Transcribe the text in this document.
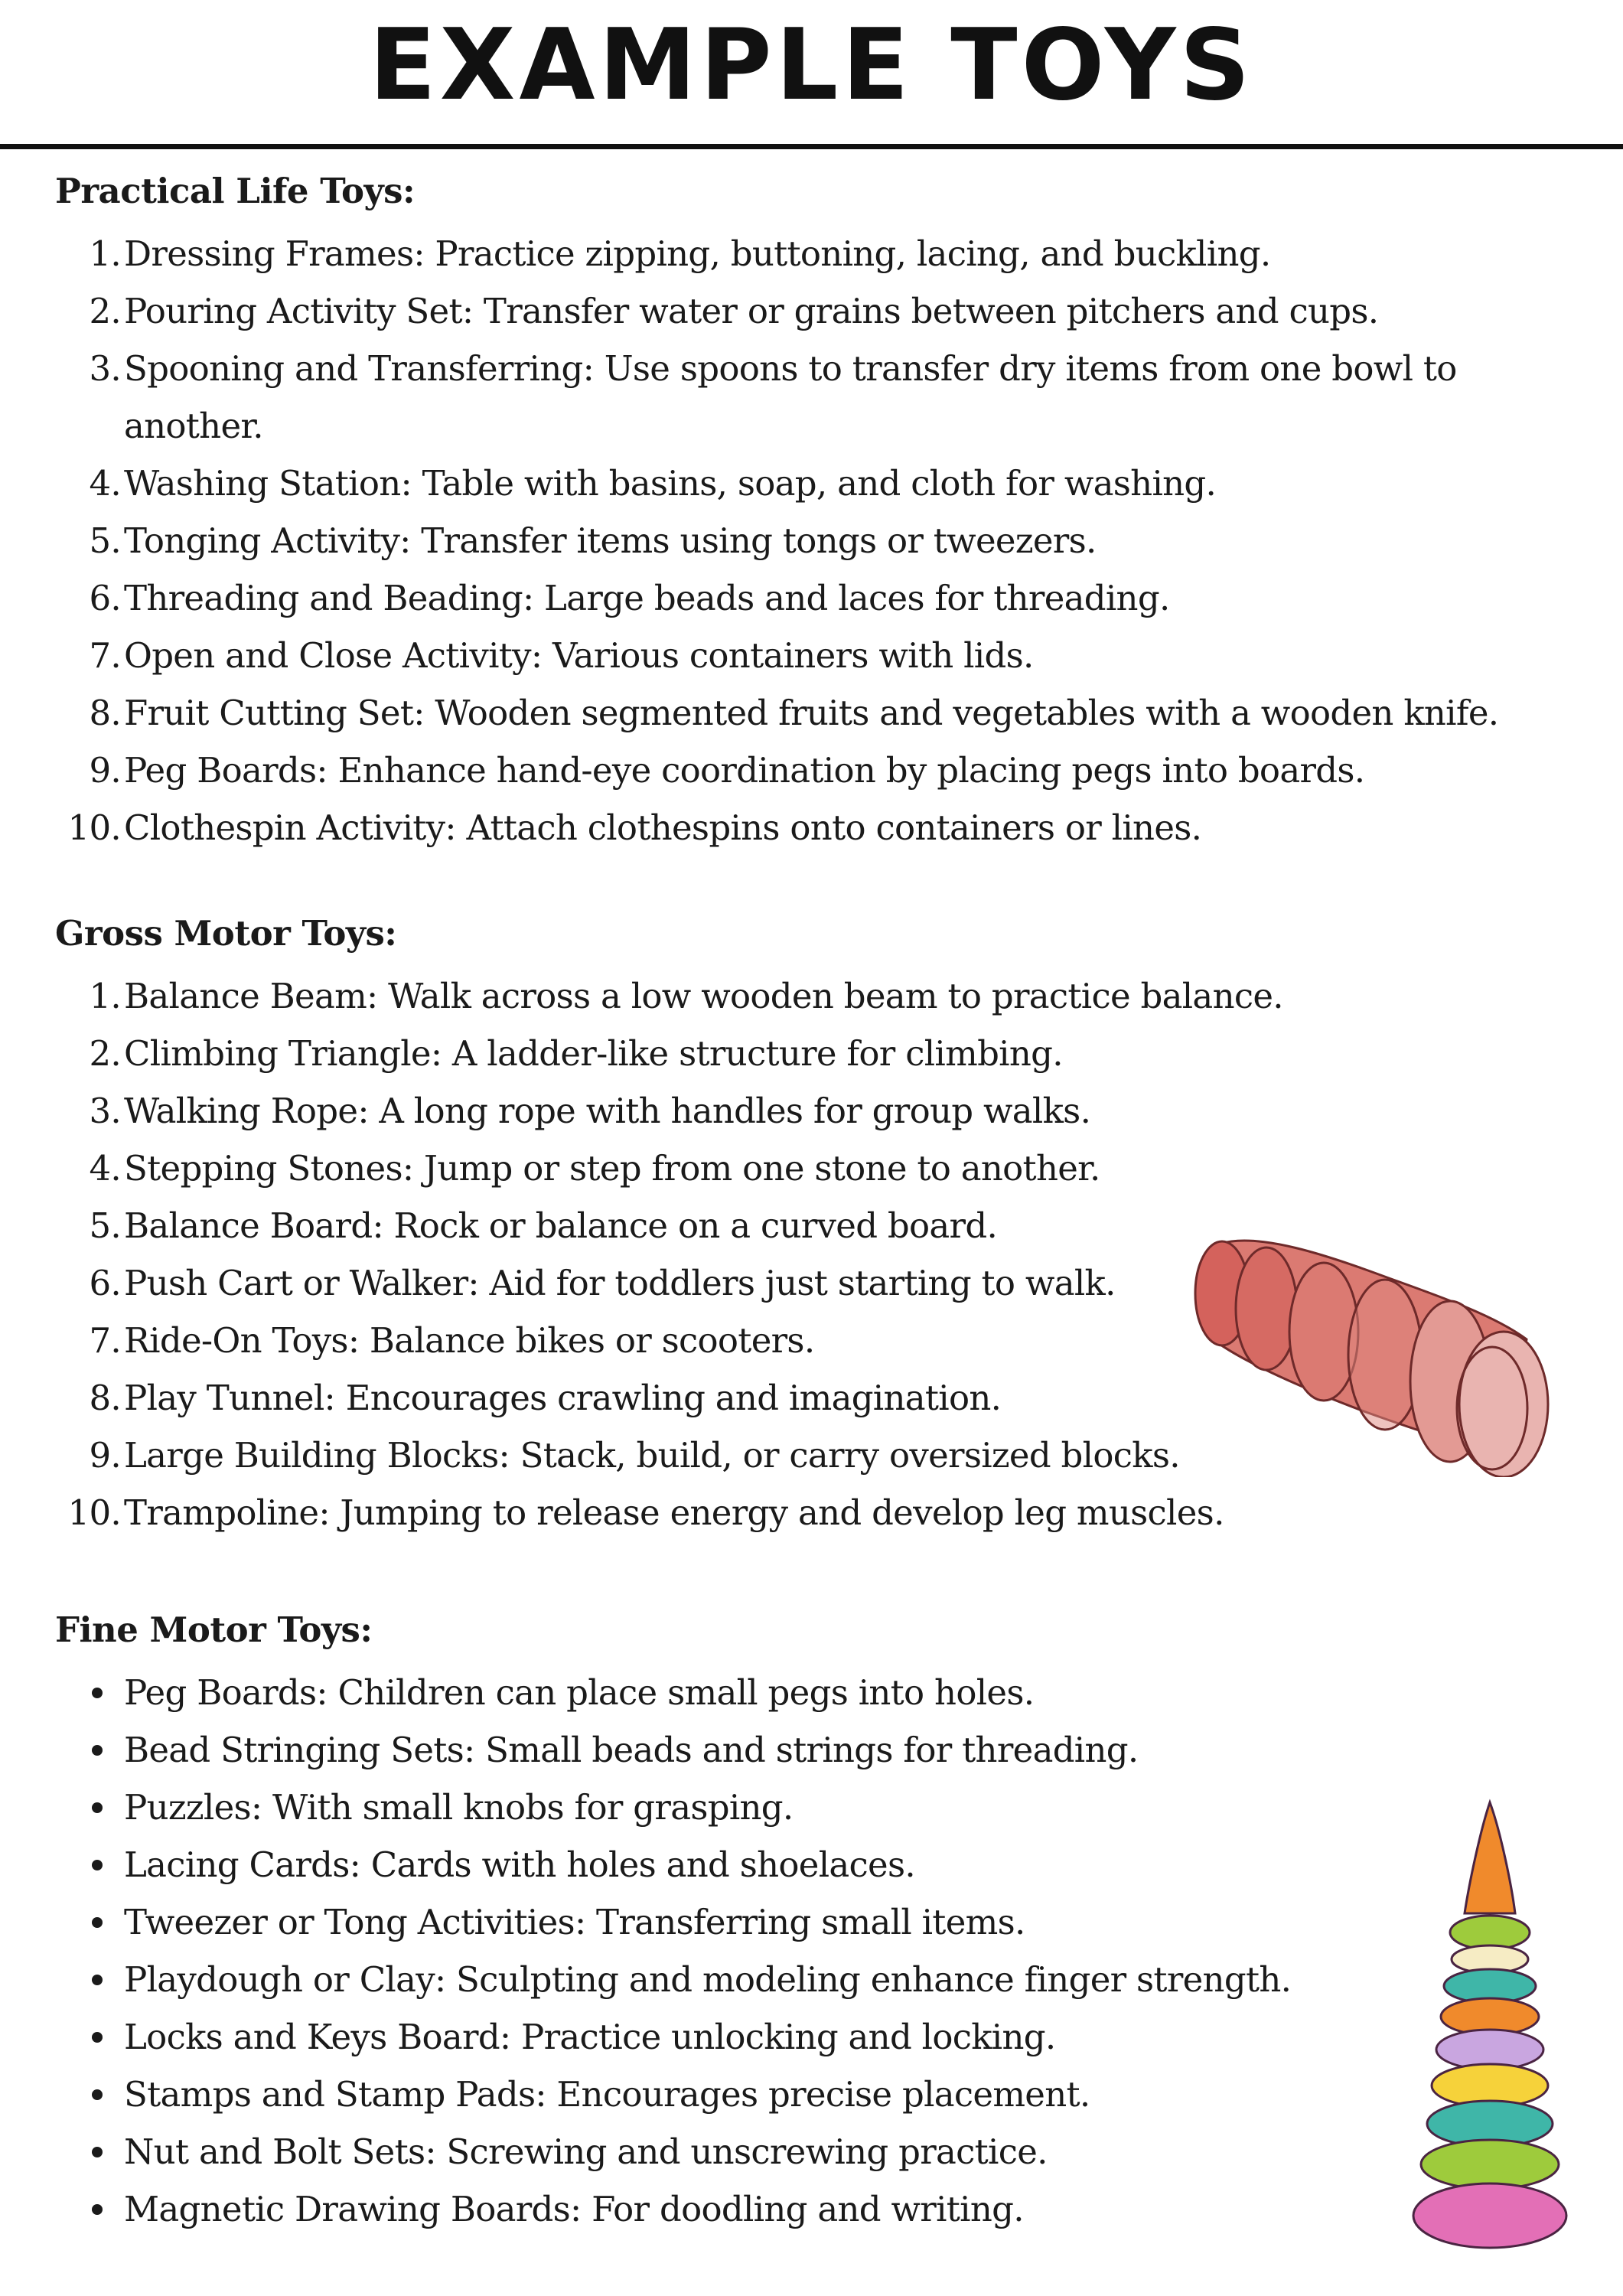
EXAMPLE TOYS
Practical Life Toys:
1. Dressing Frames: Practice zipping, buttoning, lacing, and buckling.
2. Pouring Activity Set: Transfer water or grains between pitchers and cups.
3. Spooning and Transferring: Use spoons to transfer dry items from one bowl to another.
4. Washing Station: Table with basins, soap, and cloth for washing.
5. Tonging Activity: Transfer items using tongs or tweezers.
6. Threading and Beading: Large beads and laces for threading.
7. Open and Close Activity: Various containers with lids.
8. Fruit Cutting Set: Wooden segmented fruits and vegetables with a wooden knife.
9. Peg Boards: Enhance hand-eye coordination by placing pegs into boards.
10. Clothespin Activity: Attach clothespins onto containers or lines.
Gross Motor Toys:
1. Balance Beam: Walk across a low wooden beam to practice balance.
2. Climbing Triangle: A ladder-like structure for climbing.
3. Walking Rope: A long rope with handles for group walks.
4. Stepping Stones: Jump or step from one stone to another.
5. Balance Board: Rock or balance on a curved board.
6. Push Cart or Walker: Aid for toddlers just starting to walk.
7. Ride-On Toys: Balance bikes or scooters.
8. Play Tunnel: Encourages crawling and imagination.
9. Large Building Blocks: Stack, build, or carry oversized blocks.
10. Trampoline: Jumping to release energy and develop leg muscles.
Fine Motor Toys:
Peg Boards: Children can place small pegs into holes.
Bead Stringing Sets: Small beads and strings for threading.
Puzzles: With small knobs for grasping.
Lacing Cards: Cards with holes and shoelaces.
Tweezer or Tong Activities: Transferring small items.
Playdough or Clay: Sculpting and modeling enhance finger strength.
Locks and Keys Board: Practice unlocking and locking.
Stamps and Stamp Pads: Encourages precise placement.
Nut and Bolt Sets: Screwing and unscrewing practice.
Magnetic Drawing Boards: For doodling and writing.
